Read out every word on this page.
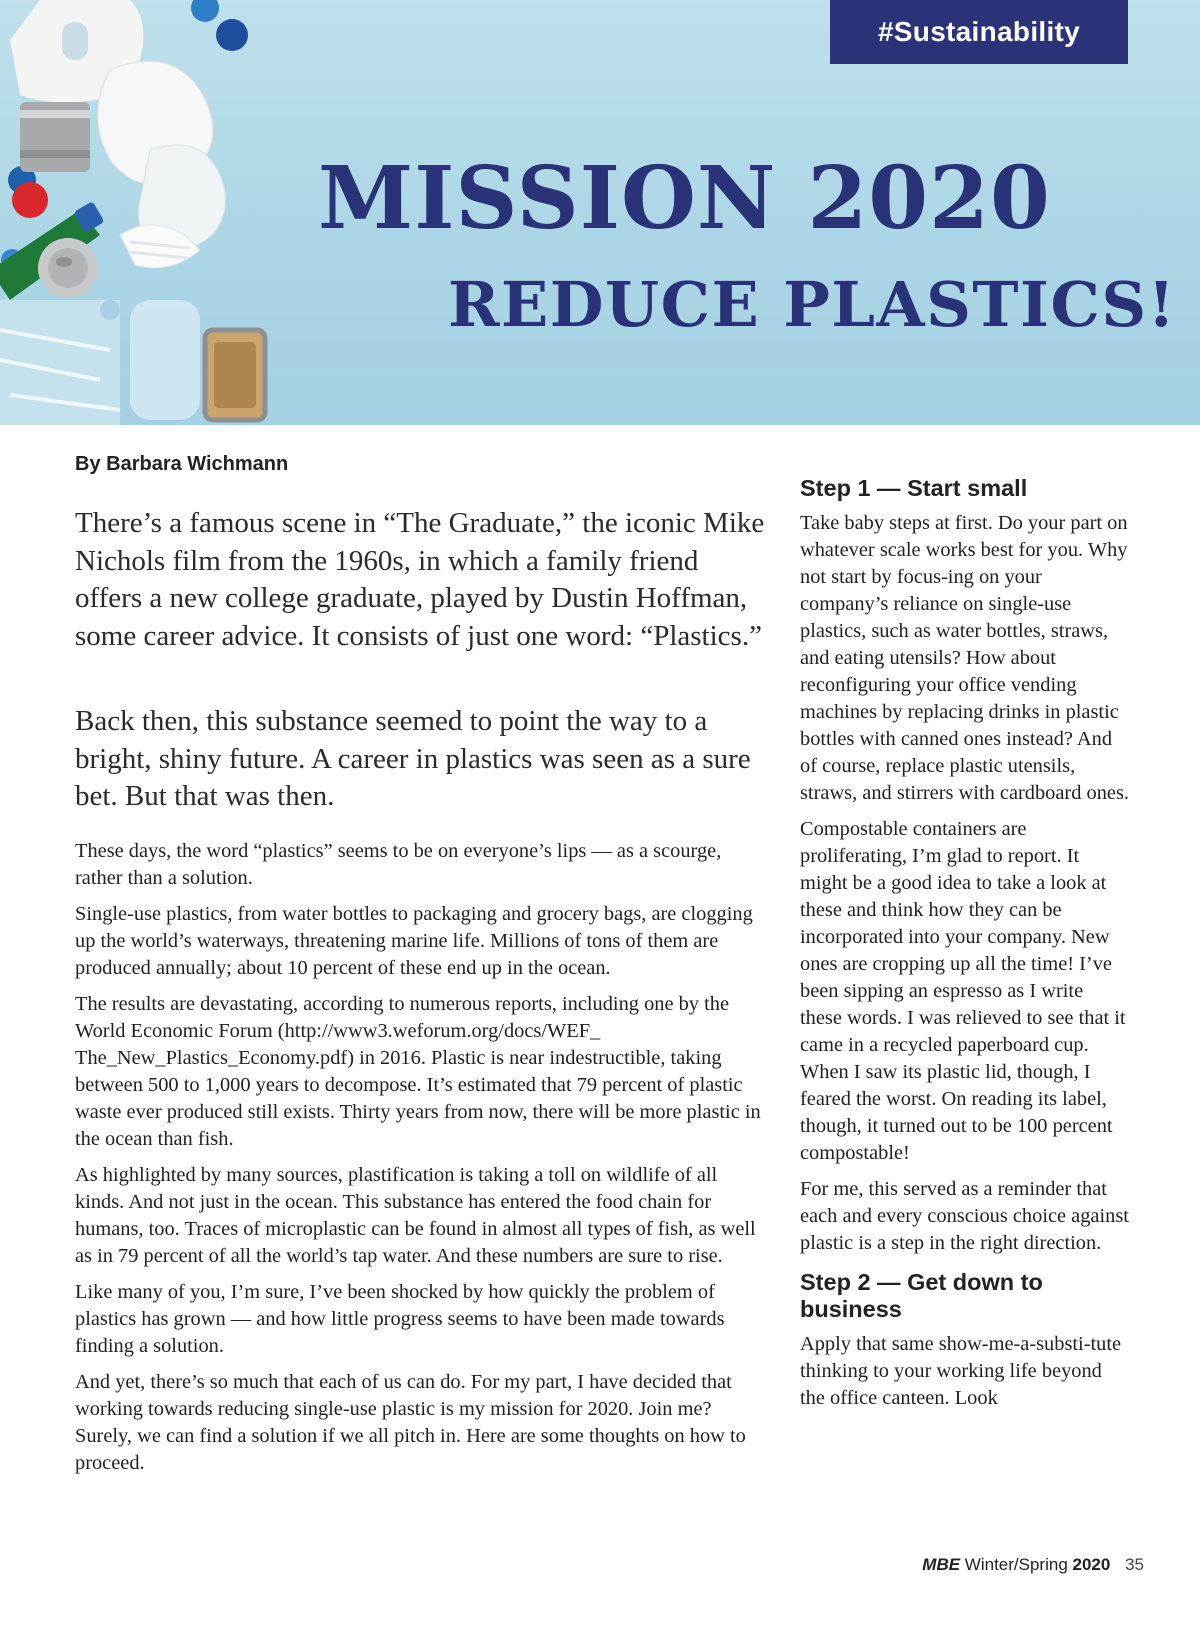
#Sustainability
MISSION 2020
REDUCE PLASTICS!
By Barbara Wichmann

There’s a famous scene in “The Graduate,” the iconic Mike Nichols film from the 1960s, in which a family friend offers a new college graduate, played by Dustin Hoffman, some career advice. It consists of just one word: “Plastics.”

Back then, this substance seemed to point the way to a bright, shiny future. A career in plastics was seen as a sure bet. But that was then.

These days, the word “plastics” seems to be on everyone’s lips — as a scourge, rather than a solution.

Single-use plastics, from water bottles to packaging and grocery bags, are clogging up the world’s waterways, threatening marine life. Millions of tons of them are produced annually; about 10 percent of these end up in the ocean.

The results are devastating, according to numerous reports, including one by the World Economic Forum (http://www3.weforum.org/docs/WEF_ The_New_Plastics_Economy.pdf) in 2016. Plastic is near indestructible, taking between 500 to 1,000 years to decompose. It’s estimated that 79 percent of plastic waste ever produced still exists. Thirty years from now, there will be more plastic in the ocean than fish.

As highlighted by many sources, plastification is taking a toll on wildlife of all kinds. And not just in the ocean. This substance has entered the food chain for humans, too. Traces of microplastic can be found in almost all types of fish, as well as in 79 percent of all the world’s tap water. And these numbers are sure to rise.

Like many of you, I’m sure, I’ve been shocked by how quickly the problem of plastics has grown — and how little progress seems to have been made towards finding a solution.

And yet, there’s so much that each of us can do. For my part, I have decided that working towards reducing single-use plastic is my mission for 2020. Join me? Surely, we can find a solution if we all pitch in. Here are some thoughts on how to proceed.

Step 1 — Start small

Take baby steps at first. Do your part on whatever scale works best for you. Why not start by focus-ing on your company’s reliance on single-use plastics, such as water bottles, straws, and eating utensils? How about reconfiguring your office vending machines by replacing drinks in plastic bottles with canned ones instead? And of course, replace plastic utensils, straws, and stirrers with cardboard ones.

Compostable containers are proliferating, I’m glad to report. It might be a good idea to take a look at these and think how they can be incorporated into your company. New ones are cropping up all the time! I’ve been sipping an espresso as I write these words. I was relieved to see that it came in a recycled paperboard cup. When I saw its plastic lid, though, I feared the worst. On reading its label, though, it turned out to be 100 percent compostable!

For me, this served as a reminder that each and every conscious choice against plastic is a step in the right direction.

Step 2 — Get down to business

Apply that same show-me-a-substi-tute thinking to your working life beyond the office canteen. Look

MBE Winter/Spring 2020 35
